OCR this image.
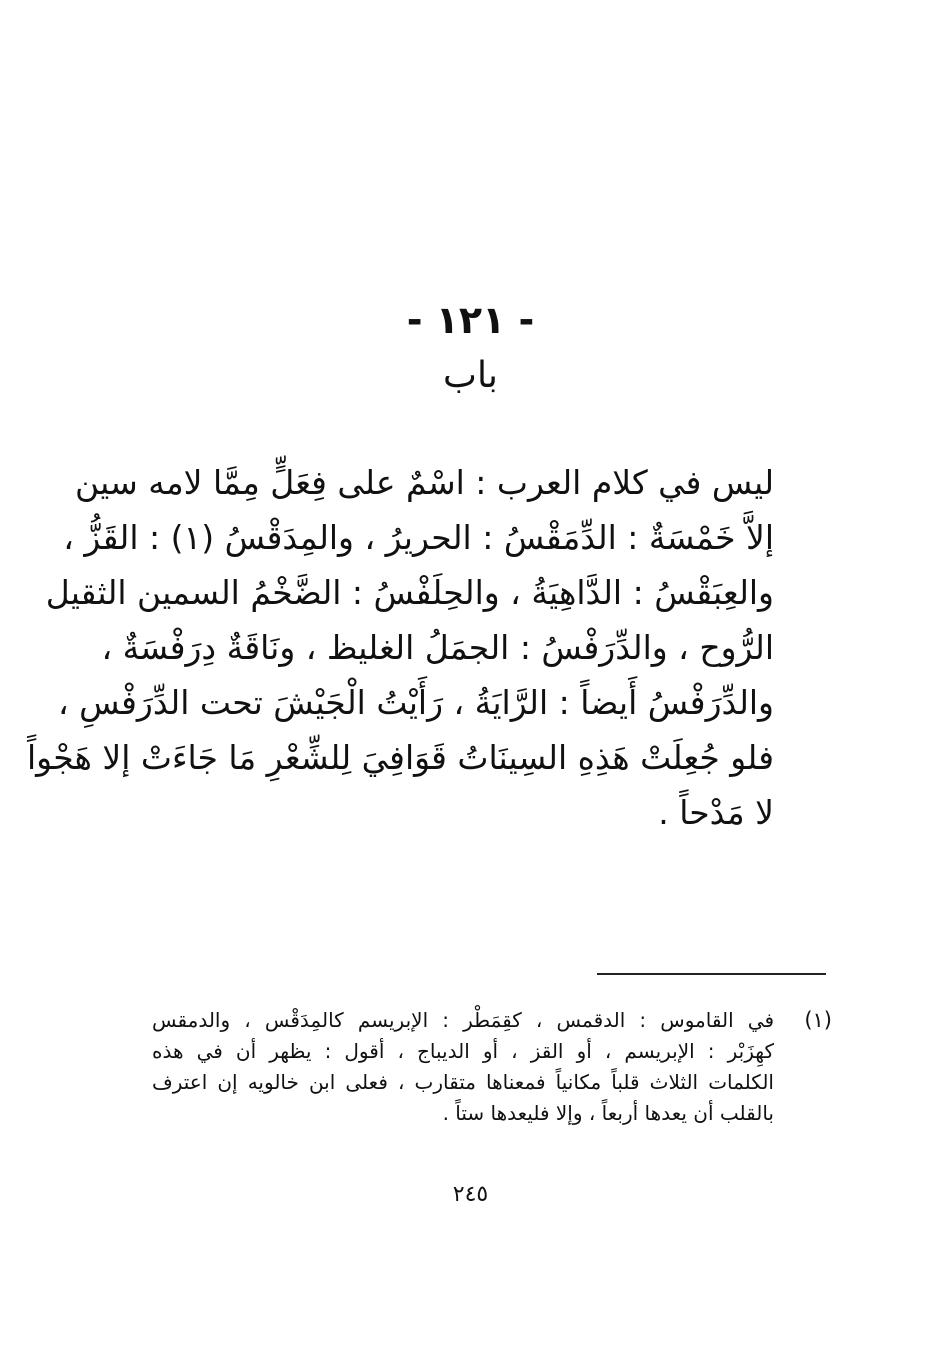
- ١٢١ -
باب
ليس في كلام العرب : اسْمٌ على فِعَلٍّ مِمَّا لامه سين
إلاَّ خَمْسَةٌ : الدِّمَقْسُ : الحريرُ ، والمِدَقْسُ (١) : القَزُّ ،
والعِبَقْسُ : الدَّاهِيَةُ ، والحِلَفْسُ : الضَّخْمُ السمين الثقيل
الرُّوح ، والدِّرَفْسُ : الجمَلُ الغليظ ، ونَاقَةٌ دِرَفْسَةٌ ،
والدِّرَفْسُ أَيضاً : الرَّايَةُ ، رَأَيْتُ الْجَيْشَ تحت الدِّرَفْسِ ،
فلو جُعِلَتْ هَذِهِ السِينَاتُ قَوَافِيَ لِلشِّعْرِ مَا جَاءَتْ إلا هَجْواً
لا مَدْحاً .
(١)
في القاموس : الدقمس ، كقِمَطْر : الإبريسم كالمِدَقْس ، والدمقس
كهِزَبْر : الإبريسم ، أو القز ، أو الديباج ، أقول : يظهر أن في هذه
الكلمات الثلاث قلباً مكانياً فمعناها متقارب ، فعلى ابن خالويه إن اعترف
بالقلب أن يعدها أربعاً ، وإلا فليعدها ستاً .
٢٤٥
